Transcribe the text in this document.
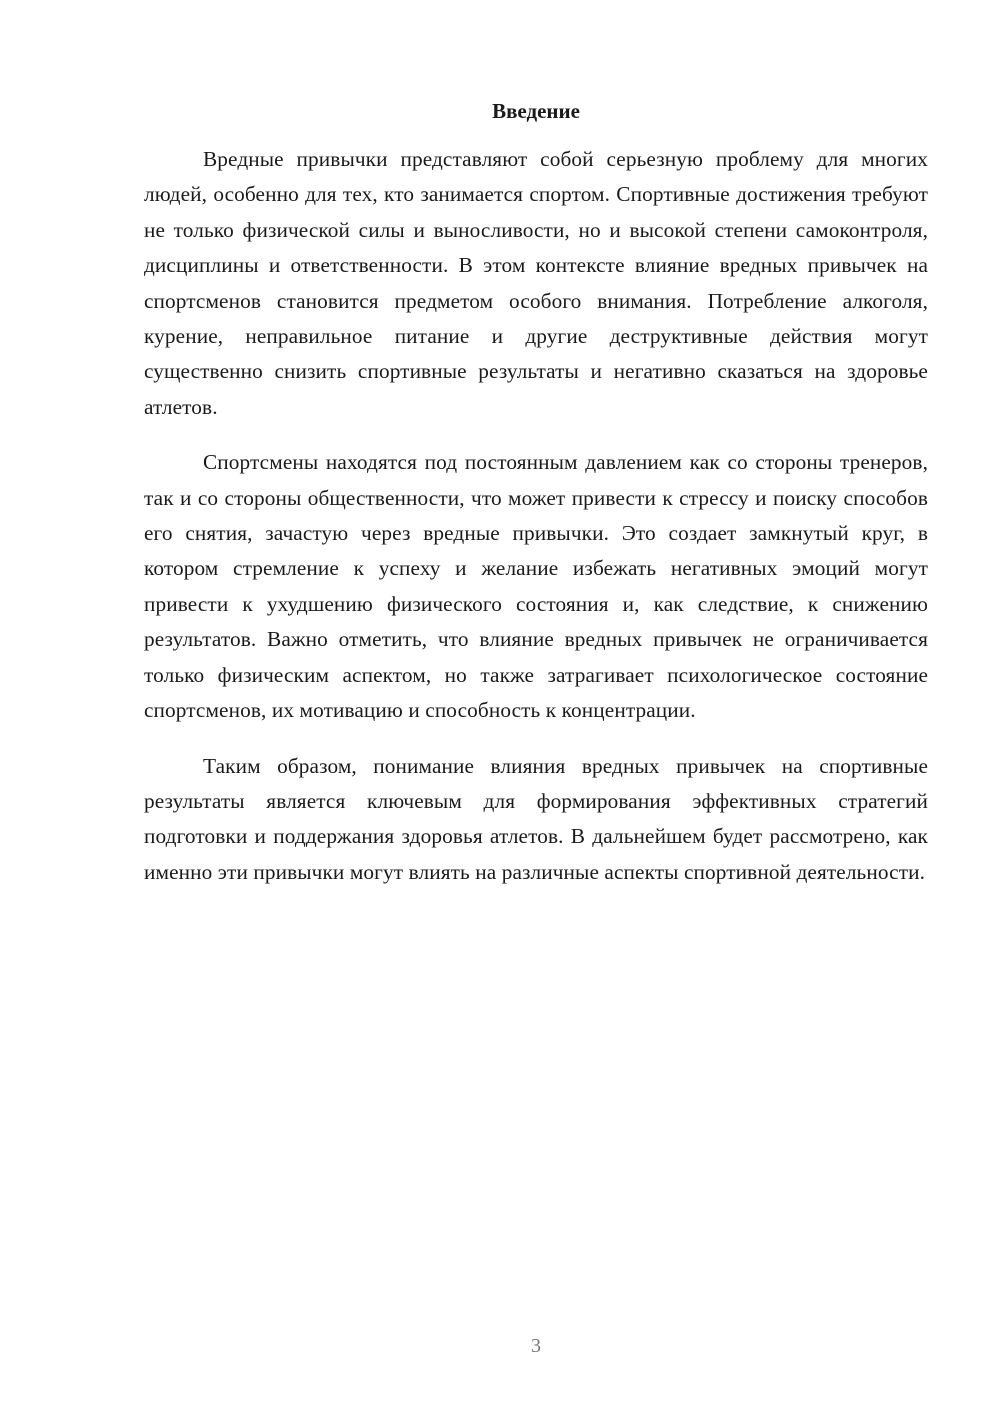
Введение

Вредные привычки представляют собой серьезную проблему для многих людей, особенно для тех, кто занимается спортом. Спортивные достижения требуют не только физической силы и выносливости, но и высокой степени самоконтроля, дисциплины и ответственности. В этом контексте влияние вредных привычек на спортсменов становится предметом особого внимания. Потребление алкоголя, курение, неправильное питание и другие деструктивные действия могут существенно снизить спортивные результаты и негативно сказаться на здоровье атлетов.

Спортсмены находятся под постоянным давлением как со стороны тренеров, так и со стороны общественности, что может привести к стрессу и поиску способов его снятия, зачастую через вредные привычки. Это создает замкнутый круг, в котором стремление к успеху и желание избежать негативных эмоций могут привести к ухудшению физического состояния и, как следствие, к снижению результатов. Важно отметить, что влияние вредных привычек не ограничивается только физическим аспектом, но также затрагивает психологическое состояние спортсменов, их мотивацию и способность к концентрации.

Таким образом, понимание влияния вредных привычек на спортивные результаты является ключевым для формирования эффективных стратегий подготовки и поддержания здоровья атлетов. В дальнейшем будет рассмотрено, как именно эти привычки могут влиять на различные аспекты спортивной деятельности.

3
